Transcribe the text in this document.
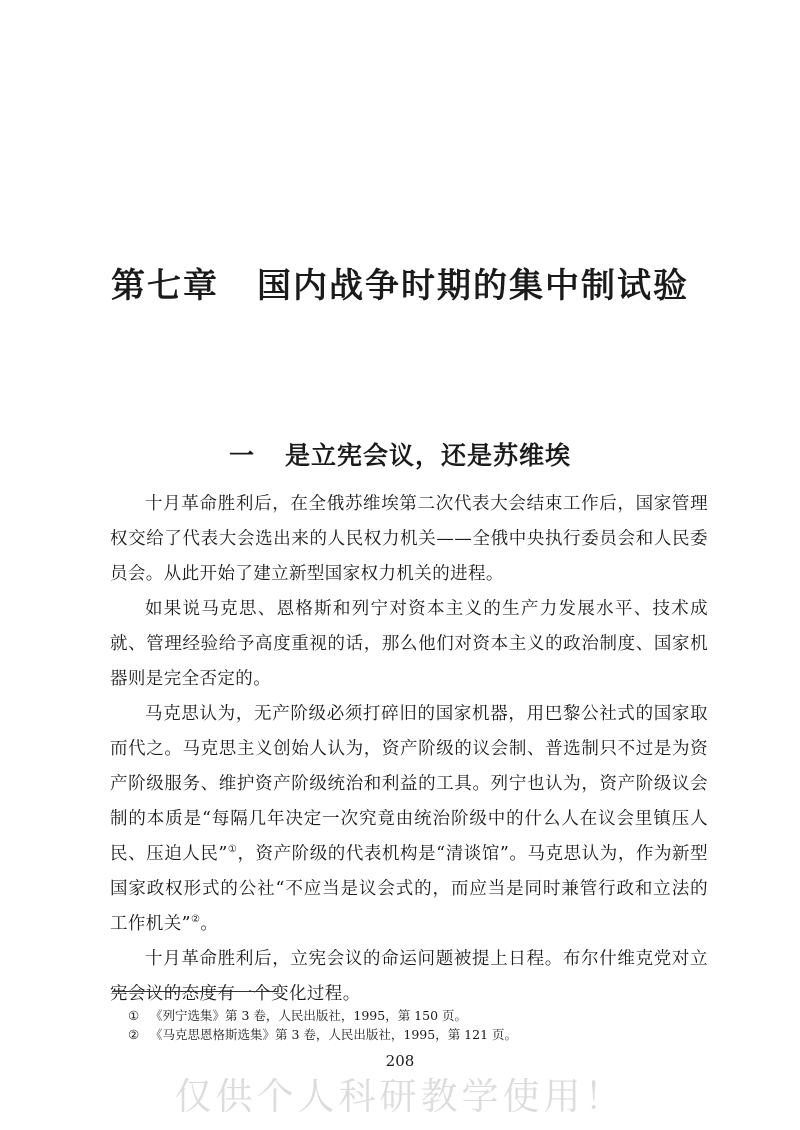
第七章 国内战争时期的集中制试验
一 是立宪会议，还是苏维埃

十月革命胜利后，在全俄苏维埃第二次代表大会结束工作后，国家管理权交给了代表大会选出来的人民权力机关——全俄中央执行委员会和人民委员会。从此开始了建立新型国家权力机关的进程。

如果说马克思、恩格斯和列宁对资本主义的生产力发展水平、技术成就、管理经验给予高度重视的话，那么他们对资本主义的政治制度、国家机器则是完全否定的。

马克思认为，无产阶级必须打碎旧的国家机器，用巴黎公社式的国家取而代之。马克思主义创始人认为，资产阶级的议会制、普选制只不过是为资产阶级服务、维护资产阶级统治和利益的工具。列宁也认为，资产阶级议会制的本质是“每隔几年决定一次究竟由统治阶级中的什么人在议会里镇压人民、压迫人民”①，资产阶级的代表机构是“清谈馆”。马克思认为，作为新型国家政权形式的公社“不应当是议会式的，而应当是同时兼管行政和立法的工作机关”②。

十月革命胜利后，立宪会议的命运问题被提上日程。布尔什维克党对立宪会议的态度有一个变化过程。

① 《列宁选集》第 3 卷，人民出版社，1995，第 150 页。
② 《马克思恩格斯选集》第 3 卷，人民出版社，1995，第 121 页。
208
仅供个人科研教学使用！
